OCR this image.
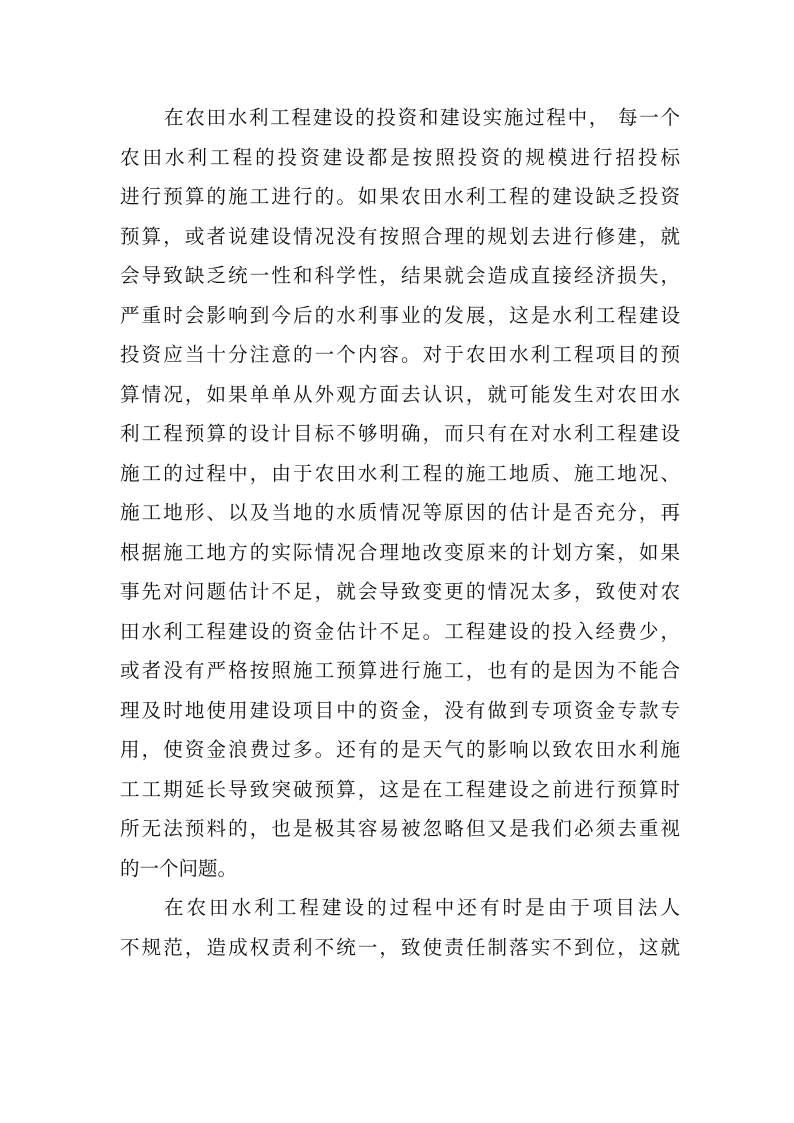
在农田水利工程建设的投资和建设实施过程中， 每一个
农田水利工程的投资建设都是按照投资的规模进行招投标
进行预算的施工进行的。如果农田水利工程的建设缺乏投资
预算，或者说建设情况没有按照合理的规划去进行修建，就
会导致缺乏统一性和科学性，结果就会造成直接经济损失，
严重时会影响到今后的水利事业的发展，这是水利工程建设
投资应当十分注意的一个内容。对于农田水利工程项目的预
算情况，如果单单从外观方面去认识，就可能发生对农田水
利工程预算的设计目标不够明确，而只有在对水利工程建设
施工的过程中，由于农田水利工程的施工地质、施工地况、
施工地形、以及当地的水质情况等原因的估计是否充分，再
根据施工地方的实际情况合理地改变原来的计划方案，如果
事先对问题估计不足，就会导致变更的情况太多，致使对农
田水利工程建设的资金估计不足。工程建设的投入经费少，
或者没有严格按照施工预算进行施工，也有的是因为不能合
理及时地使用建设项目中的资金，没有做到专项资金专款专
用，使资金浪费过多。还有的是天气的影响以致农田水利施
工工期延长导致突破预算，这是在工程建设之前进行预算时
所无法预料的，也是极其容易被忽略但又是我们必须去重视
的一个问题。
在农田水利工程建设的过程中还有时是由于项目法人
不规范，造成权责利不统一，致使责任制落实不到位，这就
